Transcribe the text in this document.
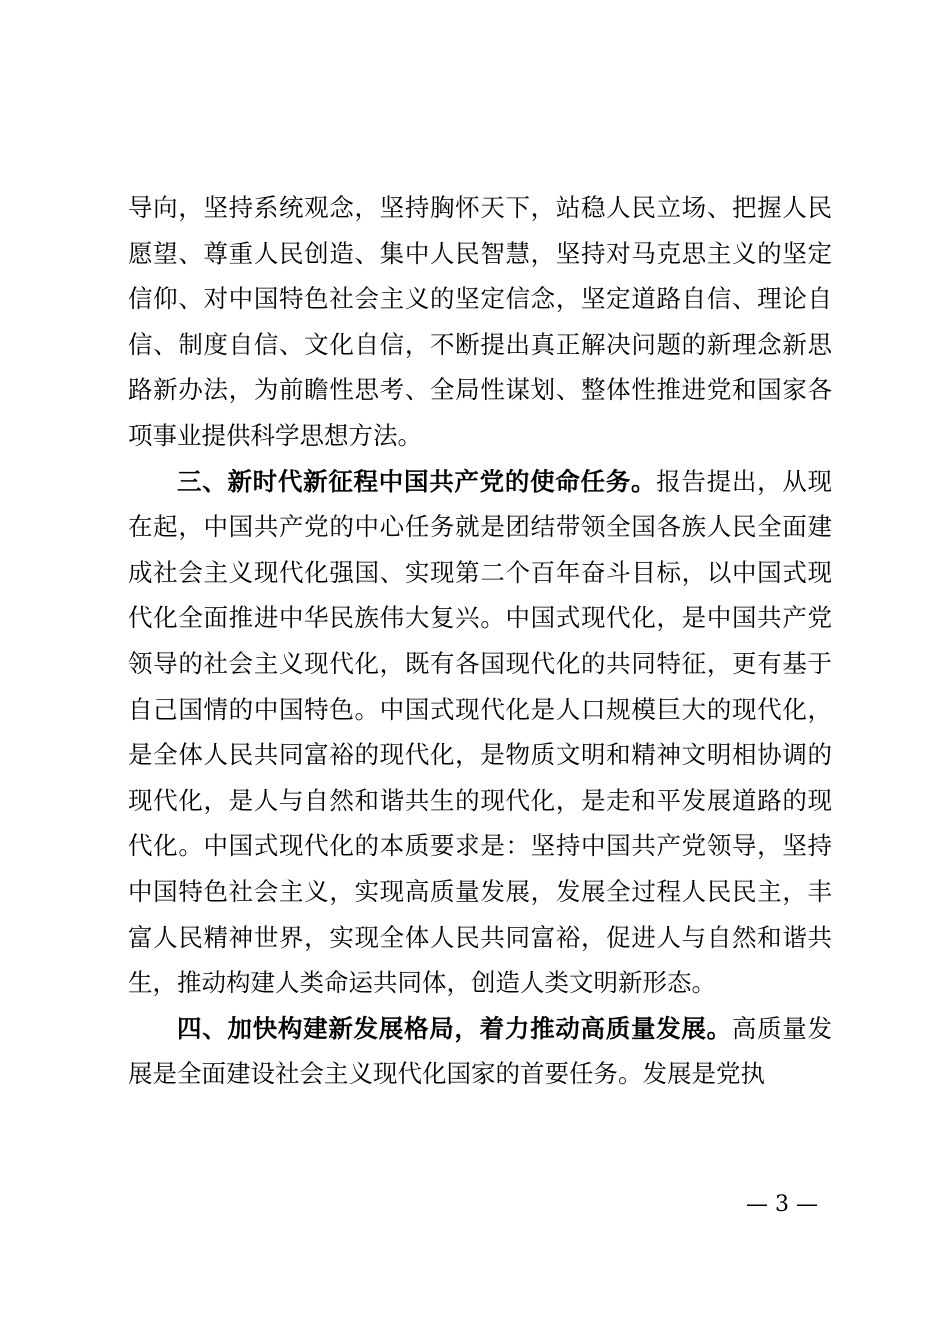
导向，坚持系统观念，坚持胸怀天下，站稳人民立场、把握人民愿望、尊重人民创造、集中人民智慧，坚持对马克思主义的坚定信仰、对中国特色社会主义的坚定信念，坚定道路自信、理论自信、制度自信、文化自信，不断提出真正解决问题的新理念新思路新办法，为前瞻性思考、全局性谋划、整体性推进党和国家各项事业提供科学思想方法。

三、新时代新征程中国共产党的使命任务。报告提出，从现在起，中国共产党的中心任务就是团结带领全国各族人民全面建成社会主义现代化强国、实现第二个百年奋斗目标，以中国式现代化全面推进中华民族伟大复兴。中国式现代化，是中国共产党领导的社会主义现代化，既有各国现代化的共同特征，更有基于自己国情的中国特色。中国式现代化是人口规模巨大的现代化，是全体人民共同富裕的现代化，是物质文明和精神文明相协调的现代化，是人与自然和谐共生的现代化，是走和平发展道路的现代化。中国式现代化的本质要求是：坚持中国共产党领导，坚持中国特色社会主义，实现高质量发展，发展全过程人民民主，丰富人民精神世界，实现全体人民共同富裕，促进人与自然和谐共生，推动构建人类命运共同体，创造人类文明新形态。

四、加快构建新发展格局，着力推动高质量发展。高质量发展是全面建设社会主义现代化国家的首要任务。发展是党执

— 3 —
